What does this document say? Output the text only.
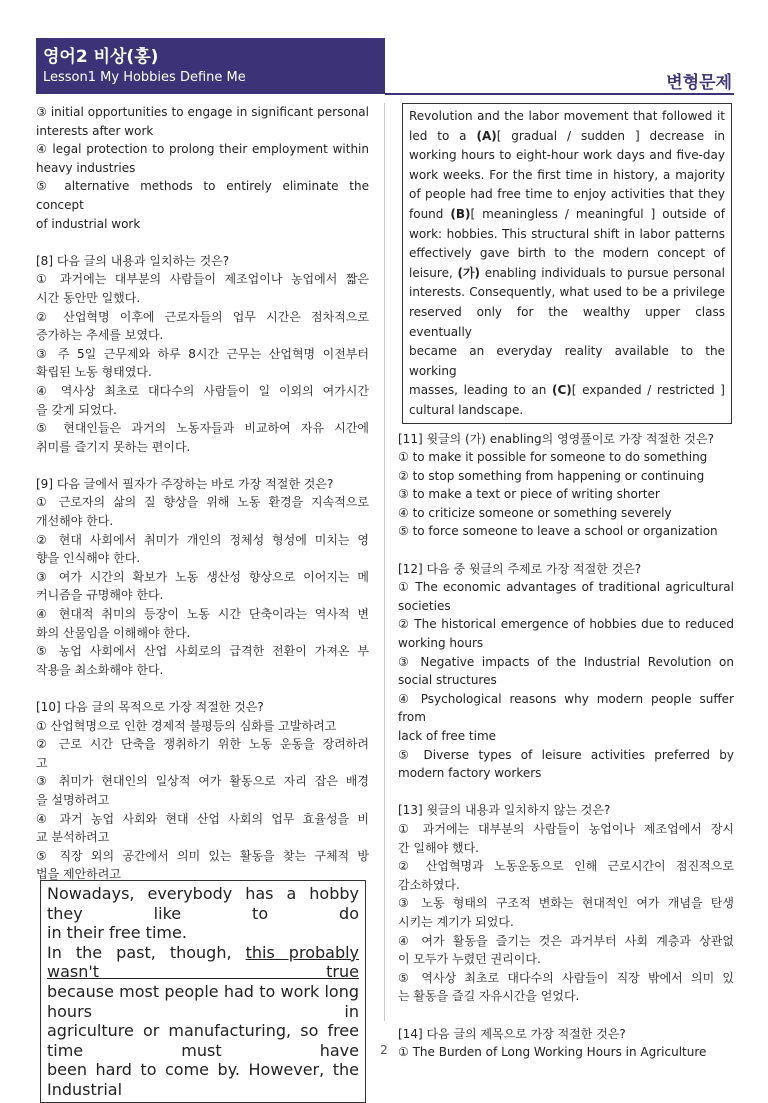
영어2 비상(홍)
Lesson1 My Hobbies Define Me	변형문제
③ initial opportunities to engage in significant personal
interests after work
④ legal protection to prolong their employment within
heavy industries
⑤ alternative methods to entirely eliminate the concept
of industrial work
[8] 다음 글의 내용과 일치하는 것은?
① 과거에는 대부분의 사람들이 제조업이나 농업에서 짧은
시간 동안만 일했다.
② 산업혁명 이후에 근로자들의 업무 시간은 점차적으로
증가하는 추세를 보였다.
③ 주 5일 근무제와 하루 8시간 근무는 산업혁명 이전부터
확립된 노동 형태였다.
④ 역사상 최초로 대다수의 사람들이 일 이외의 여가시간
을 갖게 되었다.
⑤ 현대인들은 과거의 노동자들과 비교하여 자유 시간에
취미를 즐기지 못하는 편이다.
[9] 다음 글에서 필자가 주장하는 바로 가장 적절한 것은?
① 근로자의 삶의 질 향상을 위해 노동 환경을 지속적으로
개선해야 한다.
② 현대 사회에서 취미가 개인의 정체성 형성에 미치는 영
향을 인식해야 한다.
③ 여가 시간의 확보가 노동 생산성 향상으로 이어지는 메
커니즘을 규명해야 한다.
④ 현대적 취미의 등장이 노동 시간 단축이라는 역사적 변
화의 산물임을 이해해야 한다.
⑤ 농업 사회에서 산업 사회로의 급격한 전환이 가져온 부
작용을 최소화해야 한다.
[10] 다음 글의 목적으로 가장 적절한 것은?
① 산업혁명으로 인한 경제적 불평등의 심화를 고발하려고
② 근로 시간 단축을 쟁취하기 위한 노동 운동을 장려하려
고
③ 취미가 현대인의 일상적 여가 활동으로 자리 잡은 배경
을 설명하려고
④ 과거 농업 사회와 현대 산업 사회의 업무 효율성을 비
교 분석하려고
⑤ 직장 외의 공간에서 의미 있는 활동을 찾는 구체적 방
법을 제안하려고
Nowadays, everybody has a hobby they like to do
in their free time.
In the past, though, this probably wasn't true
because most people had to work long hours in
agriculture or manufacturing, so free time must have
been hard to come by. However, the Industrial
Revolution and the labor movement that followed it
led to a (A)[ gradual / sudden ] decrease in
working hours to eight-hour work days and five-day
work weeks. For the first time in history, a majority
of people had free time to enjoy activities that they
found (B)[ meaningless / meaningful ] outside of
work: hobbies. This structural shift in labor patterns
effectively gave birth to the modern concept of
leisure, (가) enabling individuals to pursue personal
interests. Consequently, what used to be a privilege
reserved only for the wealthy upper class eventually
became an everyday reality available to the working
masses, leading to an (C)[ expanded / restricted ]
cultural landscape.
[11] 윗글의 (가) enabling의 영영풀이로 가장 적절한 것은?
① to make it possible for someone to do something
② to stop something from happening or continuing
③ to make a text or piece of writing shorter
④ to criticize someone or something severely
⑤ to force someone to leave a school or organization
[12] 다음 중 윗글의 주제로 가장 적절한 것은?
① The economic advantages of traditional agricultural
societies
② The historical emergence of hobbies due to reduced
working hours
③ Negative impacts of the Industrial Revolution on
social structures
④ Psychological reasons why modern people suffer from
lack of free time
⑤ Diverse types of leisure activities preferred by
modern factory workers
[13] 윗글의 내용과 일치하지 않는 것은?
① 과거에는 대부분의 사람들이 농업이나 제조업에서 장시
간 일해야 했다.
② 산업혁명과 노동운동으로 인해 근로시간이 점진적으로
감소하였다.
③ 노동 형태의 구조적 변화는 현대적인 여가 개념을 탄생
시키는 계기가 되었다.
④ 여가 활동을 즐기는 것은 과거부터 사회 계층과 상관없
이 모두가 누렸던 권리이다.
⑤ 역사상 최초로 대다수의 사람들이 직장 밖에서 의미 있
는 활동을 즐길 자유시간을 얻었다.
[14] 다음 글의 제목으로 가장 적절한 것은?
① The Burden of Long Working Hours in Agriculture
2
